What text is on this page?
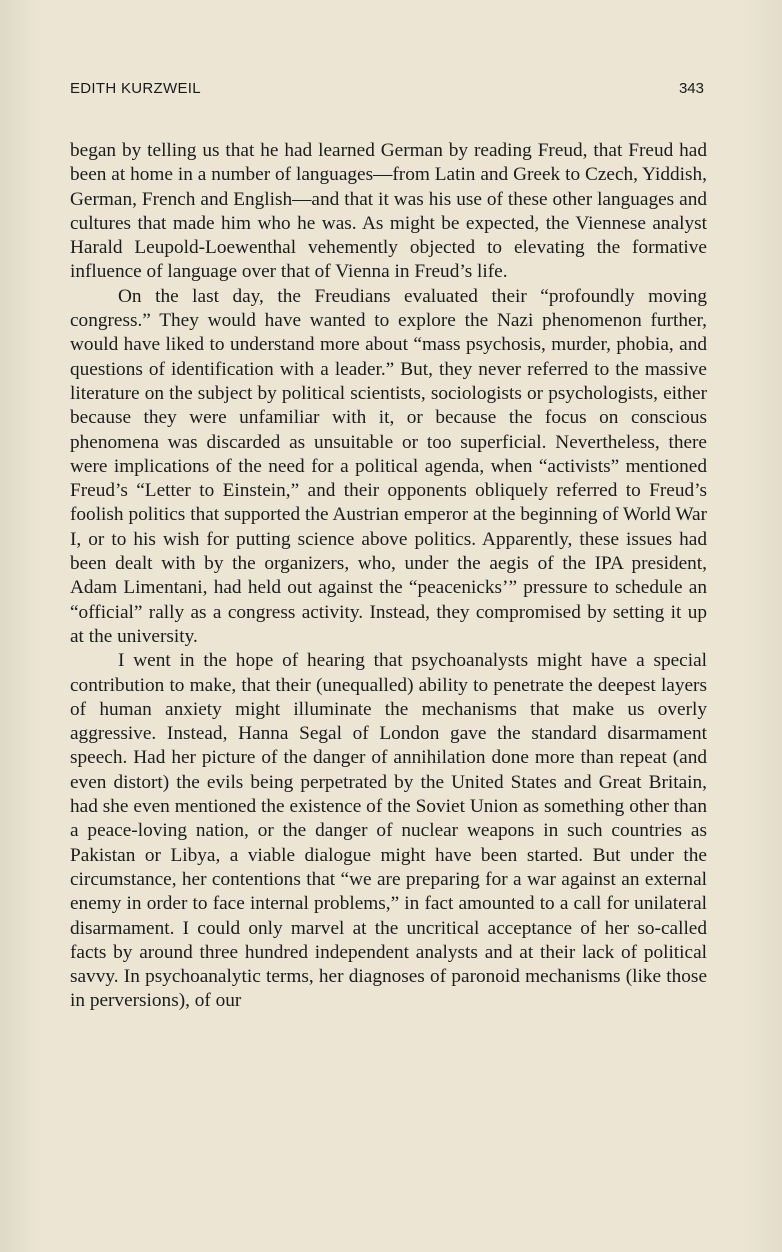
EDITH KURZWEIL	343

began by telling us that he had learned German by reading Freud, that Freud had been at home in a number of languages—from Latin and Greek to Czech, Yiddish, German, French and English—and that it was his use of these other languages and cultures that made him who he was. As might be expected, the Viennese analyst Harald Leupold-Loewenthal vehemently objected to elevating the formative influence of language over that of Vienna in Freud’s life.

On the last day, the Freudians evaluated their “profoundly moving congress.” They would have wanted to explore the Nazi phenomenon further, would have liked to understand more about “mass psychosis, murder, phobia, and questions of identification with a leader.” But, they never referred to the massive literature on the subject by political scientists, sociologists or psychologists, either because they were unfamiliar with it, or because the focus on conscious phenomena was discarded as unsuitable or too superficial. Nevertheless, there were implications of the need for a political agenda, when “activists” mentioned Freud’s “Letter to Einstein,” and their opponents obliquely referred to Freud’s foolish politics that supported the Austrian emperor at the beginning of World War I, or to his wish for putting science above politics. Apparently, these issues had been dealt with by the organizers, who, under the aegis of the IPA president, Adam Limentani, had held out against the “peacenicks’” pressure to schedule an “official” rally as a congress activity. Instead, they compromised by setting it up at the university.

I went in the hope of hearing that psychoanalysts might have a special contribution to make, that their (unequalled) ability to penetrate the deepest layers of human anxiety might illuminate the mechanisms that make us overly aggressive. Instead, Hanna Segal of London gave the standard disarmament speech. Had her picture of the danger of annihilation done more than repeat (and even distort) the evils being perpetrated by the United States and Great Britain, had she even mentioned the existence of the Soviet Union as something other than a peace-loving nation, or the danger of nuclear weapons in such countries as Pakistan or Libya, a viable dialogue might have been started. But under the circumstance, her contentions that “we are preparing for a war against an external enemy in order to face internal problems,” in fact amounted to a call for unilateral disarmament. I could only marvel at the uncritical acceptance of her so-called facts by around three hundred independent analysts and at their lack of political savvy. In psychoanalytic terms, her diagnoses of paronoid mechanisms (like those in perversions), of our
